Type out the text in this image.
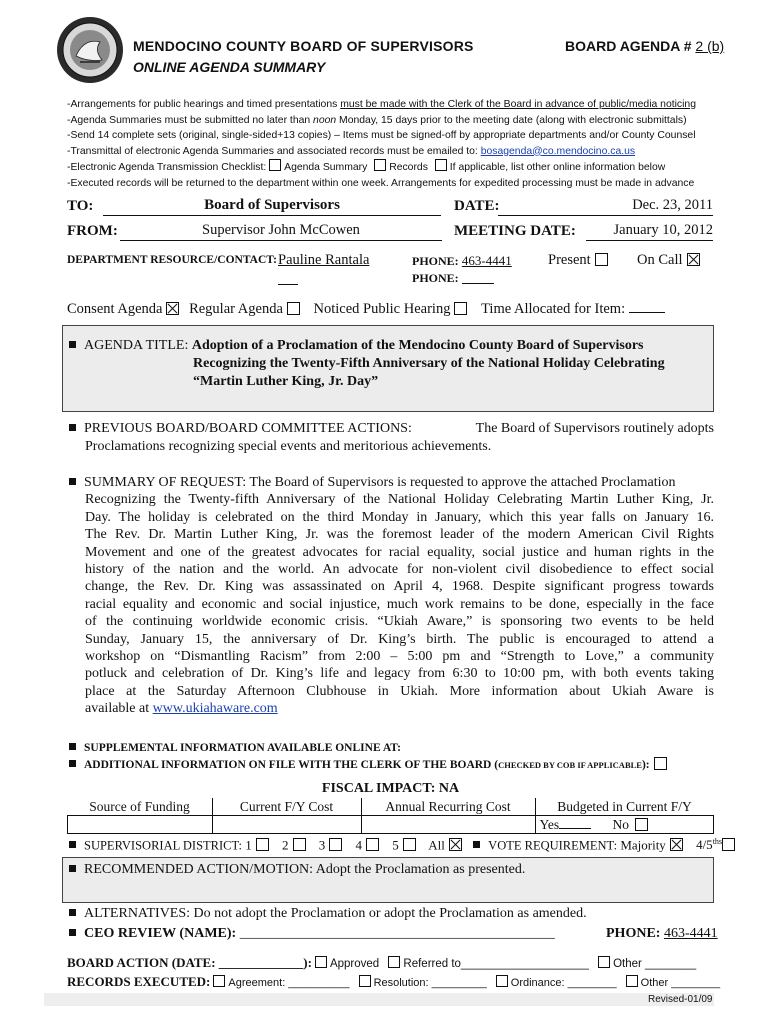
MENDOCINO COUNTY BOARD OF SUPERVISORS
ONLINE AGENDA SUMMARY
BOARD AGENDA # 2 (b)
-Arrangements for public hearings and timed presentations must be made with the Clerk of the Board in advance of public/media noticing
-Agenda Summaries must be submitted no later than noon Monday, 15 days prior to the meeting date (along with electronic submittals)
-Send 14 complete sets (original, single-sided+13 copies) – Items must be signed-off by appropriate departments and/or County Counsel
-Transmittal of electronic Agenda Summaries and associated records must be emailed to: bosagenda@co.mendocino.ca.us
-Electronic Agenda Transmission Checklist: Agenda Summary Records If applicable, list other online information below
-Executed records will be returned to the department within one week. Arrangements for expedited processing must be made in advance
TO:	Board of Supervisors	DATE:	Dec. 23, 2011
FROM:	Supervisor John McCowen	MEETING DATE:	January 10, 2012
DEPARTMENT RESOURCE/CONTACT: Pauline Rantala	PHONE: 463-4441
PHONE:
Present	On Call
Consent Agenda Regular Agenda Noticed Public Hearing Time Allocated for Item:
AGENDA TITLE: Adoption of a Proclamation of the Mendocino County Board of Supervisors
Recognizing the Twenty-Fifth Anniversary of the National Holiday Celebrating
“Martin Luther King, Jr. Day”
PREVIOUS BOARD/BOARD COMMITTEE ACTIONS:	The Board of Supervisors routinely adopts
Proclamations recognizing special events and meritorious achievements.
SUMMARY OF REQUEST: The Board of Supervisors is requested to approve the attached Proclamation
Recognizing the Twenty-fifth Anniversary of the National Holiday Celebrating Martin Luther King, Jr.
Day. The holiday is celebrated on the third Monday in January, which this year falls on January 16.
The Rev. Dr. Martin Luther King, Jr. was the foremost leader of the modern American Civil Rights
Movement and one of the greatest advocates for racial equality, social justice and human rights in the
history of the nation and the world. An advocate for non-violent civil disobedience to effect social
change, the Rev. Dr. King was assassinated on April 4, 1968. Despite significant progress towards
racial equality and economic and social injustice, much work remains to be done, especially in the face
of the continuing worldwide economic crisis. “Ukiah Aware,” is sponsoring two events to be held
Sunday, January 15, the anniversary of Dr. King’s birth. The public is encouraged to attend a
workshop on “Dismantling Racism” from 2:00 – 5:00 pm and “Strength to Love,” a community
potluck and celebration of Dr. King’s life and legacy from 6:30 to 10:00 pm, with both events taking
place at the Saturday Afternoon Clubhouse in Ukiah. More information about Ukiah Aware is
available at www.ukiahaware.com
SUPPLEMENTAL INFORMATION AVAILABLE ONLINE AT:
ADDITIONAL INFORMATION ON FILE WITH THE CLERK OF THE BOARD (CHECKED BY COB IF APPLICABLE):
FISCAL IMPACT: NA
Source of Funding	Current F/Y Cost	Annual Recurring Cost	Budgeted in Current F/Y
			Yes No
SUPERVISORIAL DISTRICT: 1 2 3 4 5 All	VOTE REQUIREMENT: Majority $4/5^{ths}$
RECOMMENDED ACTION/MOTION: Adopt the Proclamation as presented.
ALTERNATIVES: Do not adopt the Proclamation or adopt the Proclamation as amended.
CEO REVIEW (NAME): _____________________________________________	PHONE: 463-4441
BOARD ACTION (DATE: _____________): Approved Referred to____________________ Other ________
RECORDS EXECUTED: Agreement: __________ Resolution: _________ Ordinance: ________ Other ________
Revised-01/09
